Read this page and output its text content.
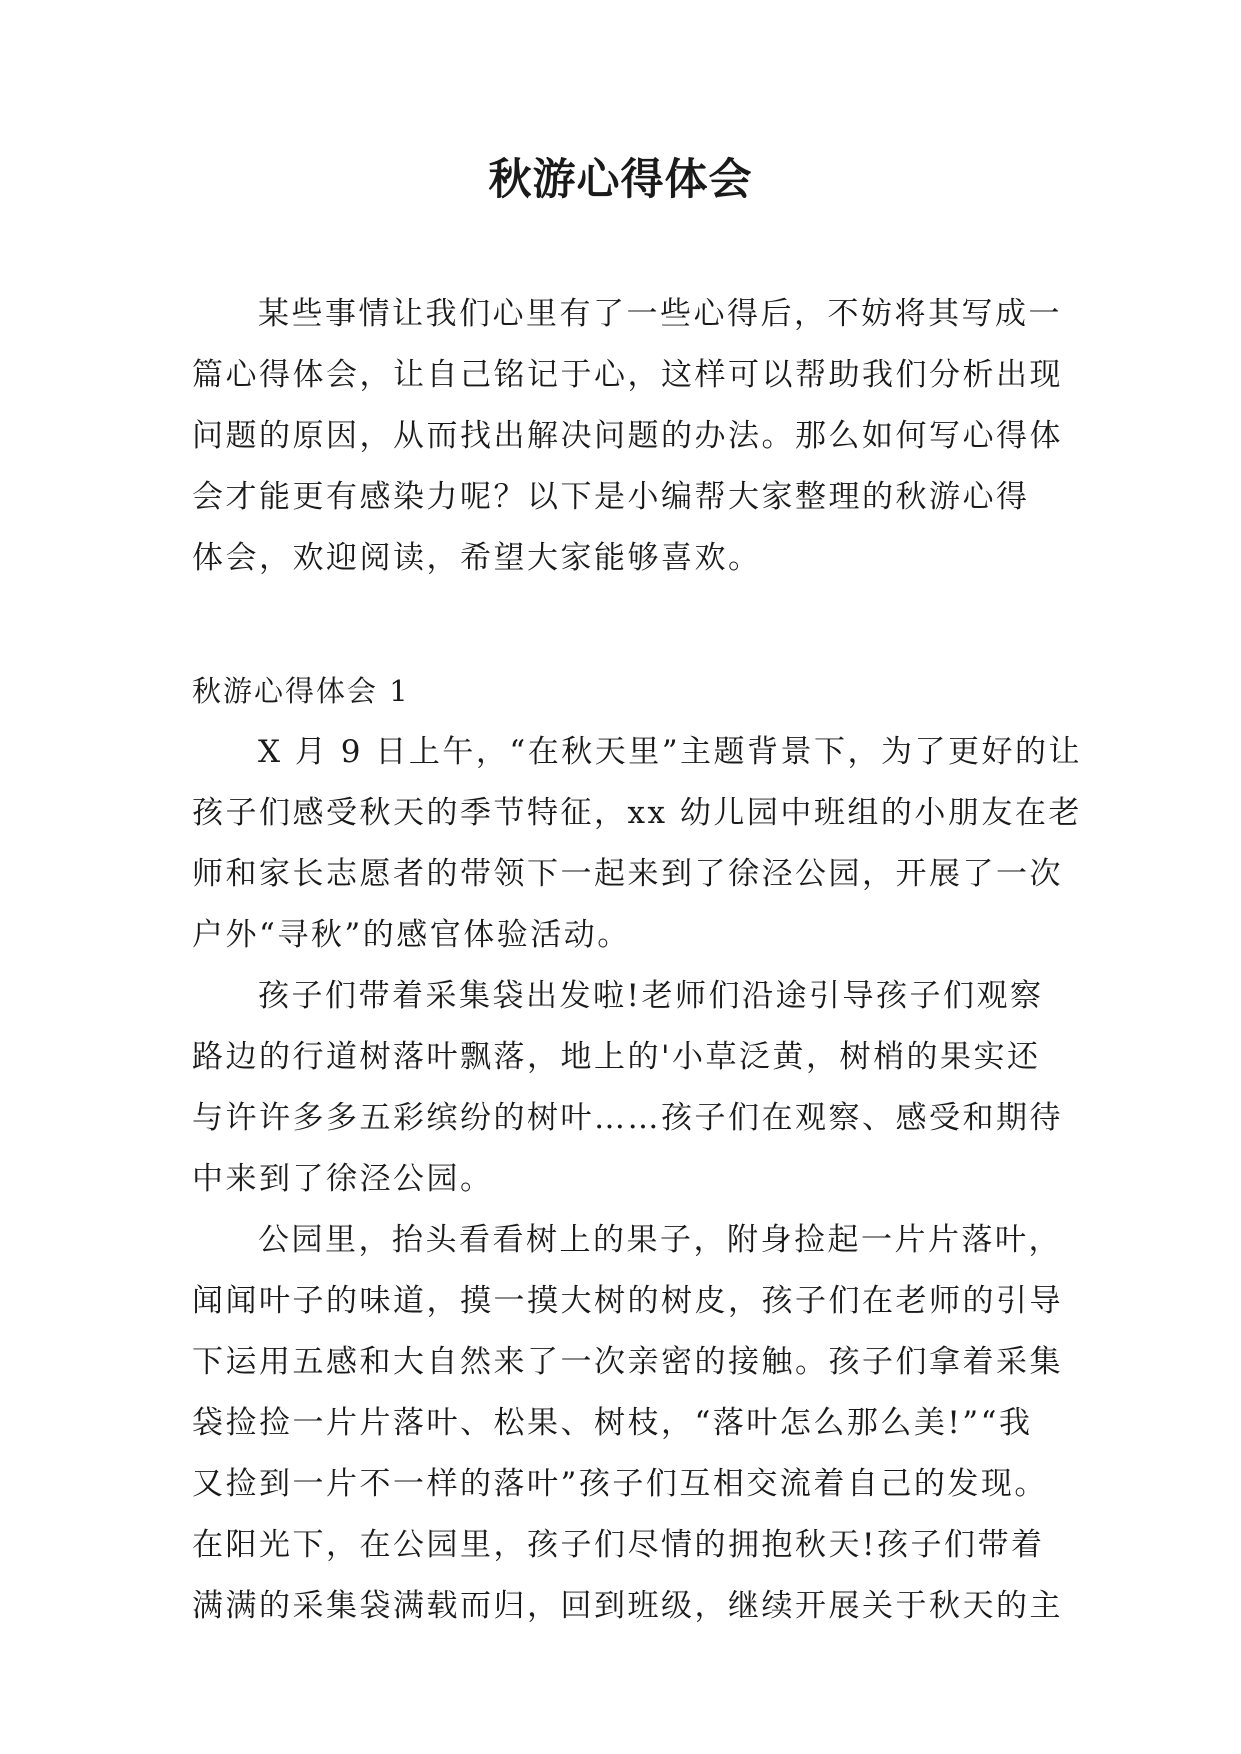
秋游心得体会

某些事情让我们心里有了一些心得后，不妨将其写成一
篇心得体会，让自己铭记于心，这样可以帮助我们分析出现
问题的原因，从而找出解决问题的办法。那么如何写心得体
会才能更有感染力呢？以下是小编帮大家整理的秋游心得
体会，欢迎阅读，希望大家能够喜欢。

秋游心得体会 1

X 月 9 日上午，“在秋天里”主题背景下，为了更好的让
孩子们感受秋天的季节特征，xx 幼儿园中班组的小朋友在老
师和家长志愿者的带领下一起来到了徐泾公园，开展了一次
户外“寻秋”的感官体验活动。

孩子们带着采集袋出发啦!老师们沿途引导孩子们观察
路边的行道树落叶飘落，地上的'小草泛黄，树梢的果实还
与许许多多五彩缤纷的树叶……孩子们在观察、感受和期待
中来到了徐泾公园。

公园里，抬头看看树上的果子，附身捡起一片片落叶，
闻闻叶子的味道，摸一摸大树的树皮，孩子们在老师的引导
下运用五感和大自然来了一次亲密的接触。孩子们拿着采集
袋捡捡一片片落叶、松果、树枝，“落叶怎么那么美!”“我
又捡到一片不一样的落叶”孩子们互相交流着自己的发现。
在阳光下，在公园里，孩子们尽情的拥抱秋天!孩子们带着
满满的采集袋满载而归，回到班级，继续开展关于秋天的主
